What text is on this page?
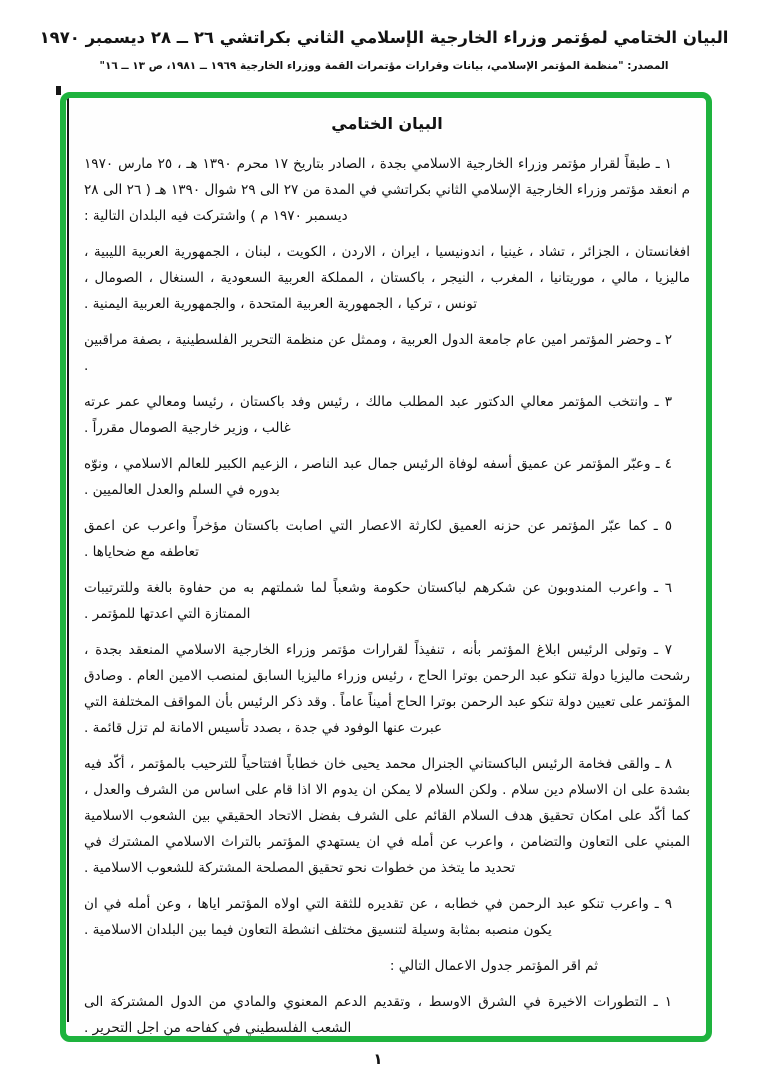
البيان الختامي لمؤتمر وزراء الخارجية الإسلامي الثاني بكراتشي ٢٦ ــ ٢٨ ديسمبر ١٩٧٠
المصدر: "منظمة المؤتمر الإسلامي، بيانات وقرارات مؤتمرات القمة ووزراء الخارجية ١٩٦٩ ــ ١٩٨١، ص ١٣ ــ ١٦"
البيان الختامي

١ ـ طبقاً لقرار مؤتمر وزراء الخارجية الاسلامي بجدة ، الصادر بتاريخ ١٧ محرم ١٣٩٠ هـ ، ٢٥ مارس ١٩٧٠ م انعقد مؤتمر وزراء الخارجية الإسلامي الثاني بكراتشي في المدة من ٢٧ الى ٢٩ شوال ١٣٩٠ هـ ( ٢٦ الى ٢٨ ديسمبر ١٩٧٠ م ) واشتركت فيه البلدان التالية :

افغانستان ، الجزائر ، تشاد ، غينيا ، اندونيسيا ، ايران ، الاردن ، الكويت ، لبنان ، الجمهورية العربية الليبية ، ماليزيا ، مالي ، موريتانيا ، المغرب ، النيجر ، باكستان ، المملكة العربية السعودية ، السنغال ، الصومال ، تونس ، تركيا ، الجمهورية العربية المتحدة ، والجمهورية العربية اليمنية .

٢ ـ وحضر المؤتمر امين عام جامعة الدول العربية ، وممثل عن منظمة التحرير الفلسطينية ، بصفة مراقبين .

٣ ـ وانتخب المؤتمر معالي الدكتور عبد المطلب مالك ، رئيس وفد باكستان ، رئيسا ومعالي عمر عرته غالب ، وزير خارجية الصومال مقرراً .

٤ ـ وعبّر المؤتمر عن عميق أسفه لوفاة الرئيس جمال عبد الناصر ، الزعيم الكبير للعالم الاسلامي ، ونوّه بدوره في السلم والعدل العالميين .

٥ ـ كما عبّر المؤتمر عن حزنه العميق لكارثة الاعصار التي اصابت باكستان مؤخراً واعرب عن اعمق تعاطفه مع ضحاياها .

٦ ـ واعرب المندوبون عن شكرهم لباكستان حكومة وشعباً لما شملتهم به من حفاوة بالغة وللترتيبات الممتازة التي اعدتها للمؤتمر .

٧ ـ وتولى الرئيس ابلاغ المؤتمر بأنه ، تنفيذاً لقرارات مؤتمر وزراء الخارجية الاسلامي المنعقد بجدة ، رشحت ماليزيا دولة تنكو عبد الرحمن بوترا الحاج ، رئيس وزراء ماليزيا السابق لمنصب الامين العام . وصادق المؤتمر على تعيين دولة تنكو عبد الرحمن بوترا الحاج أميناً عاماً . وقد ذكر الرئيس بأن المواقف المختلفة التي عبرت عنها الوفود في جدة ، بصدد تأسيس الامانة لم تزل قائمة .

٨ ـ والقى فخامة الرئيس الباكستاني الجنرال محمد يحيى خان خطاباً افتتاحياً للترحيب بالمؤتمر ، أكّد فيه بشدة على ان الاسلام دين سلام . ولكن السلام لا يمكن ان يدوم الا اذا قام على اساس من الشرف والعدل ، كما أكّد على امكان تحقيق هدف السلام القائم على الشرف بفضل الاتحاد الحقيقي بين الشعوب الاسلامية المبني على التعاون والتضامن ، واعرب عن أمله في ان يستهدي المؤتمر بالتراث الاسلامي المشترك في تحديد ما يتخذ من خطوات نحو تحقيق المصلحة المشتركة للشعوب الاسلامية .

٩ ـ واعرب تنكو عبد الرحمن في خطابه ، عن تقديره للثقة التي اولاه المؤتمر اياها ، وعن أمله في ان يكون منصبه بمثابة وسيلة لتنسيق مختلف انشطة التعاون فيما بين البلدان الاسلامية .

ثم اقر المؤتمر جدول الاعمال التالي :

١ ـ التطورات الاخيرة في الشرق الاوسط ، وتقديم الدعم المعنوي والمادي من الدول المشتركة الى الشعب الفلسطيني في كفاحه من اجل التحرير .

١
